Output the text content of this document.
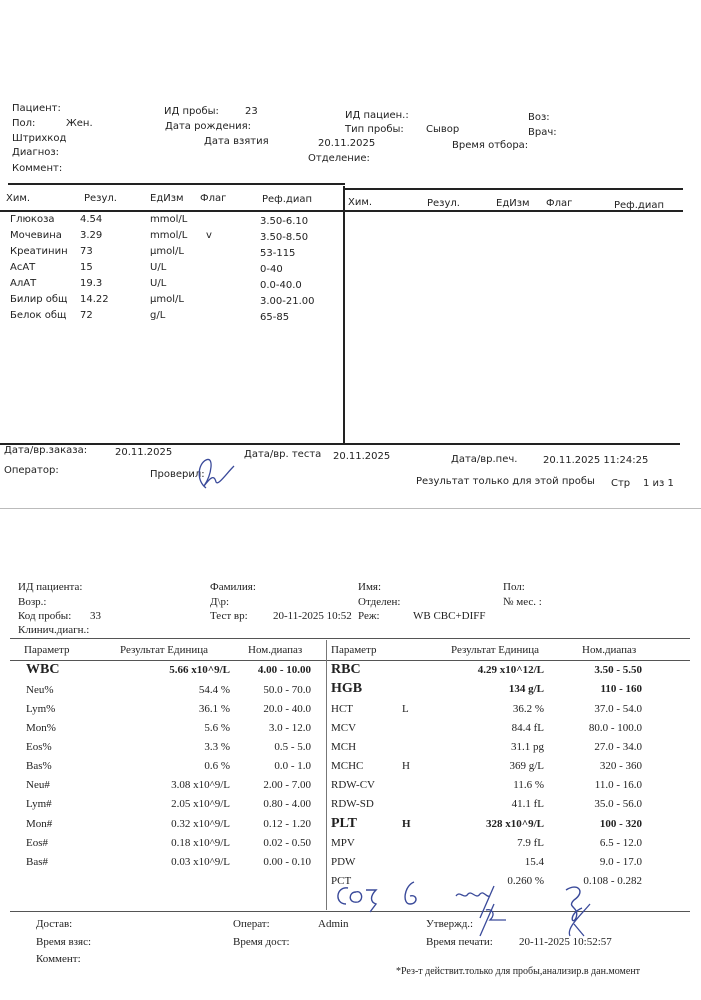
Пациент:
Пол:	Жен.
Штрихкод
Диагноз:
Коммент:
ИД пробы:	23
Дата рождения:
Дата взятия	20.11.2025
ИД пациен.:
Тип пробы: Сывор
Отделение:
Воз:
Врач:
Время отбора:
Хим.	Резул.	ЕдИзм Флаг	Реф.диап
Глюкоза	4.54	mmol/L	3.50-6.10
Мочевина 3.29	mmol/L v	3.50-8.50
Креатинин 73	µmol/L	53-115
АсАТ	15	U/L	0-40
АлАТ	19.3	U/L	0.0-40.0
Билир общ 14.22	µmol/L	3.00-21.00
Белок общ 72	g/L	65-85
Хим.	Резул.	ЕдИзм Флаг	Реф.диап
Дата/вр.заказа:	20.11.2025	Дата/вр. теста 20.11.2025	Дата/вр.печ.	20.11.2025 11:24:25
Оператор:	Проверил:
Результат только для этой пробы Стр 1 из 1
ИД пациента:
Возр.:
Код пробы: 33
Клинич.диагн.:
Фамилия:
Д\р:
Тест вр: 20-11-2025 10:52
Имя:
Отделен:
Реж:	WB CBC+DIFF
Пол:
№ мес. :
Параметр	Результат Единица	Ном.диапаз	Параметр	Результат Единица	Ном.диапаз
WBC	5.66 x10^9/L	4.00 - 10.00
Neu%	54.4 %	50.0 - 70.0
Lym%	36.1 %	20.0 - 40.0
Mon%	5.6 %	3.0 - 12.0
Eos%	3.3 %	0.5 - 5.0
Bas%	0.6 %	0.0 - 1.0
Neu#	3.08 x10^9/L	2.00 - 7.00
Lym#	2.05 x10^9/L	0.80 - 4.00
Mon#	0.32 x10^9/L	0.12 - 1.20
Eos#	0.18 x10^9/L	0.02 - 0.50
Bas#	0.03 x10^9/L	0.00 - 0.10
RBC	4.29 x10^12/L	3.50 - 5.50
HGB	134 g/L	110 - 160
HCT	L	36.2 %	37.0 - 54.0
MCV	84.4 fL	80.0 - 100.0
MCH	31.1 pg	27.0 - 34.0
MCHC	H	369 g/L	320 - 360
RDW-CV	11.6 %	11.0 - 16.0
RDW-SD	41.1 fL	35.0 - 56.0
PLT	H	328 x10^9/L	100 - 320
MPV	7.9 fL	6.5 - 12.0
PDW	15.4	9.0 - 17.0
PCT	0.260 %	0.108 - 0.282
Достав:	Операт:	Admin	Утвержд.:
Время взяс:	Время дост:	Время печати: 20-11-2025 10:52:57
Коммент:
*Рез-т действит.только для пробы,анализир.в дан.момент
